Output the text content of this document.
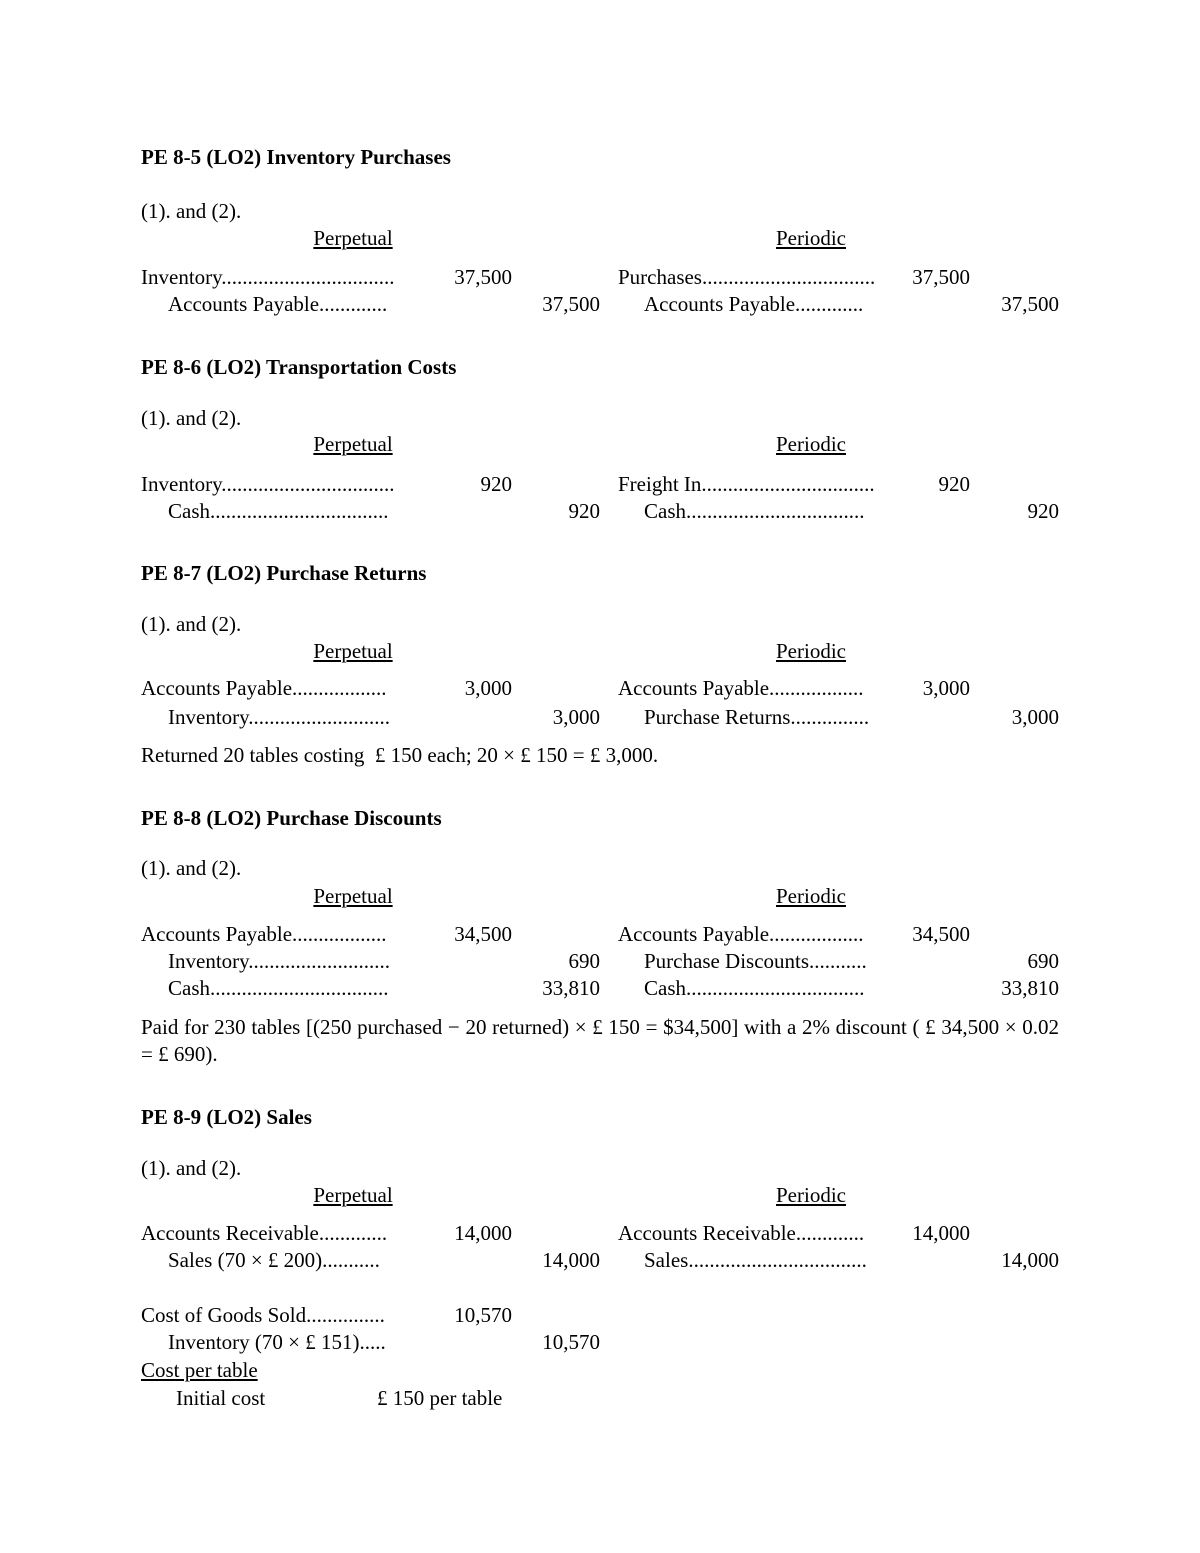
PE 8-5 (LO2) Inventory Purchases
(1). and (2).
Perpetual	Periodic
Inventory.................................	37,500
Accounts Payable.............	37,500
Purchases.................................	37,500
Accounts Payable.............	37,500
PE 8-6 (LO2) Transportation Costs
(1). and (2).
Perpetual	Periodic
Inventory.................................	920
Cash..................................	920
Freight In.................................	920
Cash..................................	920
PE 8-7 (LO2) Purchase Returns
(1). and (2).
Perpetual	Periodic
Accounts Payable..................	3,000
Inventory...........................	3,000
Accounts Payable..................	3,000
Purchase Returns...............	3,000
Returned 20 tables costing  £ 150 each; 20 × £ 150 = £ 3,000.
PE 8-8 (LO2) Purchase Discounts
(1). and (2).
Perpetual	Periodic
Accounts Payable..................	34,500
Inventory...........................	690
Cash..................................	33,810
Accounts Payable..................	34,500
Purchase Discounts...........	690
Cash..................................	33,810
Paid for 230 tables [(250 purchased − 20 returned) × £ 150 = $34,500] with a 2% discount ( £ 34,500 × 0.02 = £ 690).
PE 8-9 (LO2) Sales
(1). and (2).
Perpetual	Periodic
Accounts Receivable.............	14,000
Sales (70 × £ 200)...........	14,000
Accounts Receivable.............	14,000
Sales..................................	14,000
Cost of Goods Sold...............	10,570
Inventory (70 × £ 151).....	10,570
Cost per table
Initial cost	£ 150 per table
